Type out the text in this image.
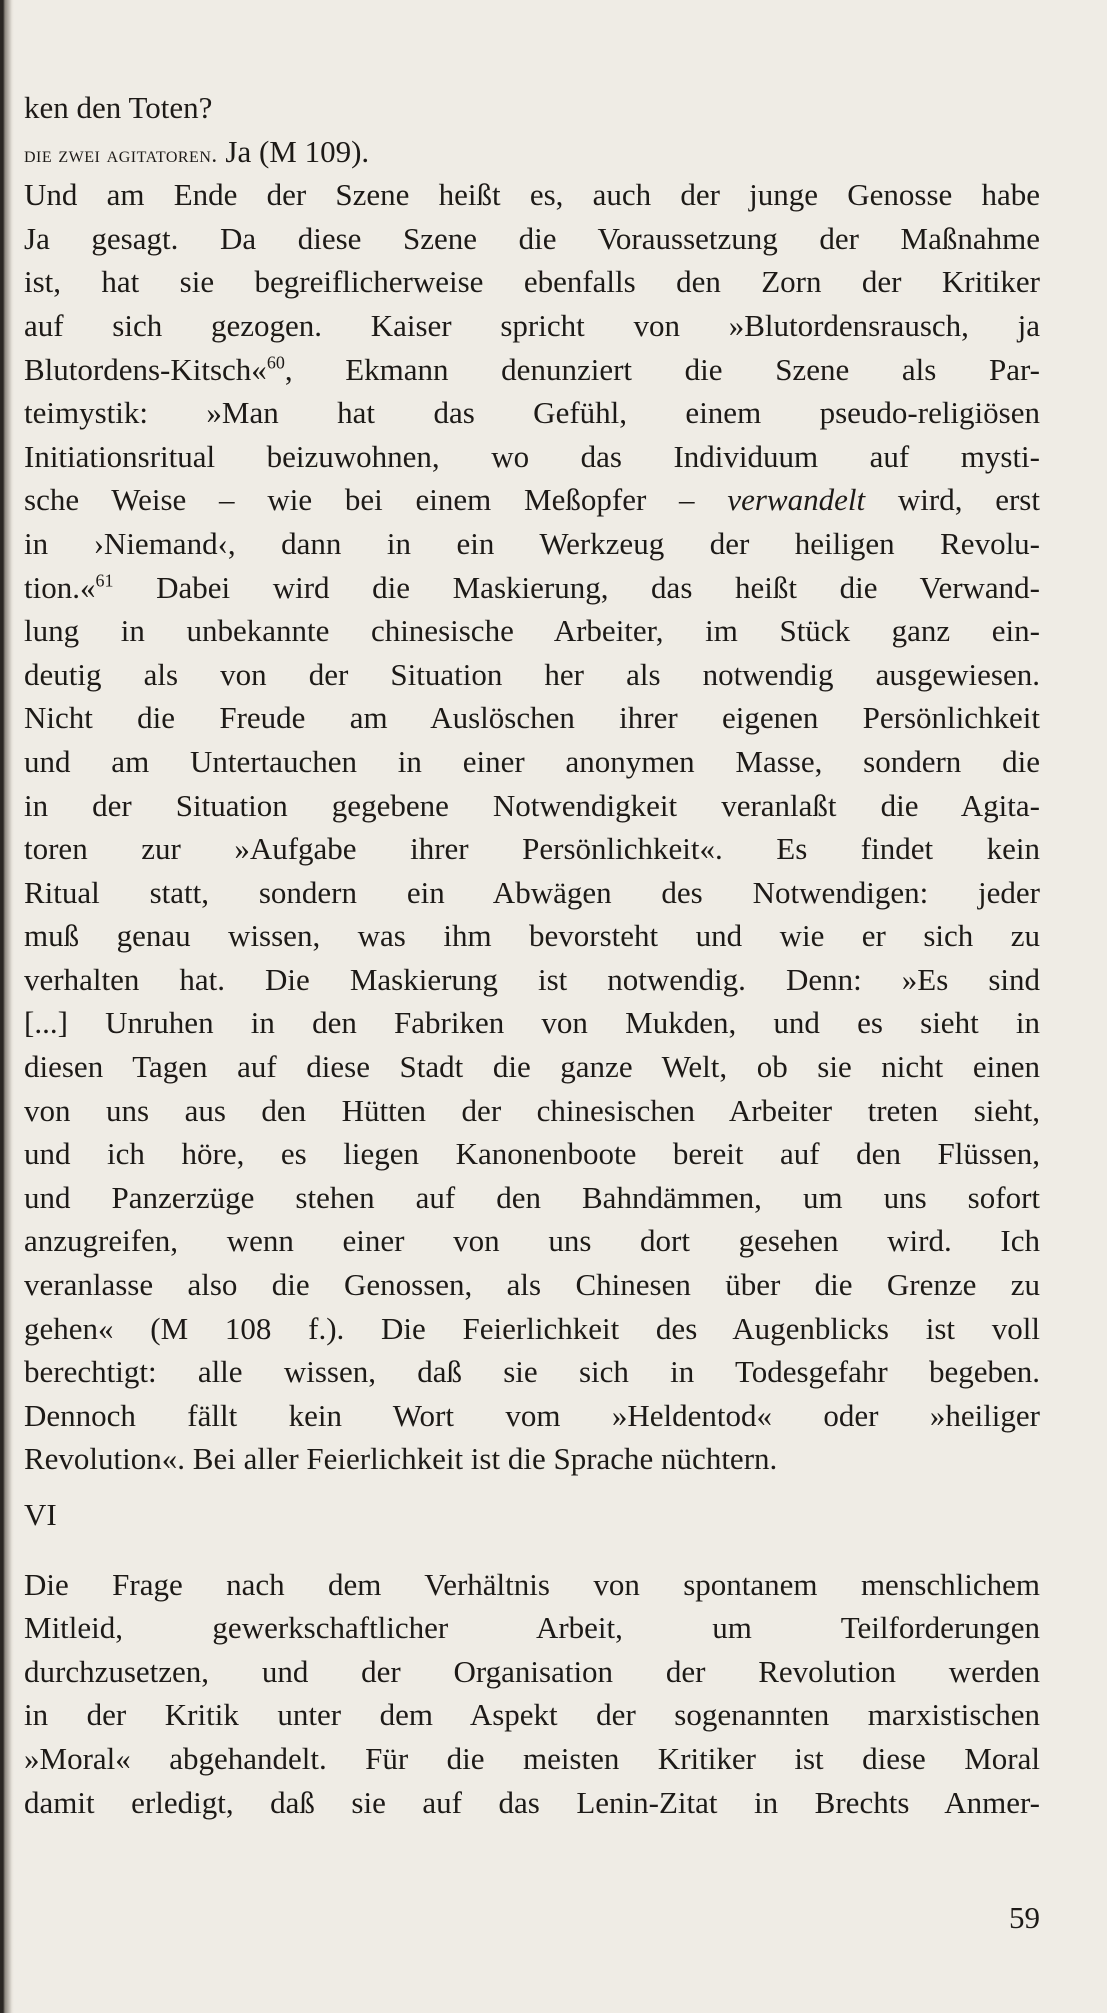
ken den Toten?
die zwei agitatoren. Ja (M 109).
Und am Ende der Szene heißt es, auch der junge Genosse habe
Ja gesagt. Da diese Szene die Voraussetzung der Maßnahme
ist, hat sie begreiflicherweise ebenfalls den Zorn der Kritiker
auf sich gezogen. Kaiser spricht von »Blutordensrausch, ja
Blutordens-Kitsch«$^{60}$, Ekmann denunziert die Szene als Par-
teimystik: »Man hat das Gefühl, einem pseudo-religiösen
Initiationsritual beizuwohnen, wo das Individuum auf mysti-
sche Weise – wie bei einem Meßopfer – verwandelt wird, erst
in ›Niemand‹, dann in ein Werkzeug der heiligen Revolu-
tion.«$^{61}$ Dabei wird die Maskierung, das heißt die Verwand-
lung in unbekannte chinesische Arbeiter, im Stück ganz ein-
deutig als von der Situation her als notwendig ausgewiesen.
Nicht die Freude am Auslöschen ihrer eigenen Persönlichkeit
und am Untertauchen in einer anonymen Masse, sondern die
in der Situation gegebene Notwendigkeit veranlaßt die Agita-
toren zur »Aufgabe ihrer Persönlichkeit«. Es findet kein
Ritual statt, sondern ein Abwägen des Notwendigen: jeder
muß genau wissen, was ihm bevorsteht und wie er sich zu
verhalten hat. Die Maskierung ist notwendig. Denn: »Es sind
[...] Unruhen in den Fabriken von Mukden, und es sieht in
diesen Tagen auf diese Stadt die ganze Welt, ob sie nicht einen
von uns aus den Hütten der chinesischen Arbeiter treten sieht,
und ich höre, es liegen Kanonenboote bereit auf den Flüssen,
und Panzerzüge stehen auf den Bahndämmen, um uns sofort
anzugreifen, wenn einer von uns dort gesehen wird. Ich
veranlasse also die Genossen, als Chinesen über die Grenze zu
gehen« (M 108 f.). Die Feierlichkeit des Augenblicks ist voll
berechtigt: alle wissen, daß sie sich in Todesgefahr begeben.
Dennoch fällt kein Wort vom »Heldentod« oder »heiliger
Revolution«. Bei aller Feierlichkeit ist die Sprache nüchtern.
VI
Die Frage nach dem Verhältnis von spontanem menschlichem
Mitleid, gewerkschaftlicher Arbeit, um Teilforderungen
durchzusetzen, und der Organisation der Revolution werden
in der Kritik unter dem Aspekt der sogenannten marxistischen
»Moral« abgehandelt. Für die meisten Kritiker ist diese Moral
damit erledigt, daß sie auf das Lenin-Zitat in Brechts Anmer-
59
